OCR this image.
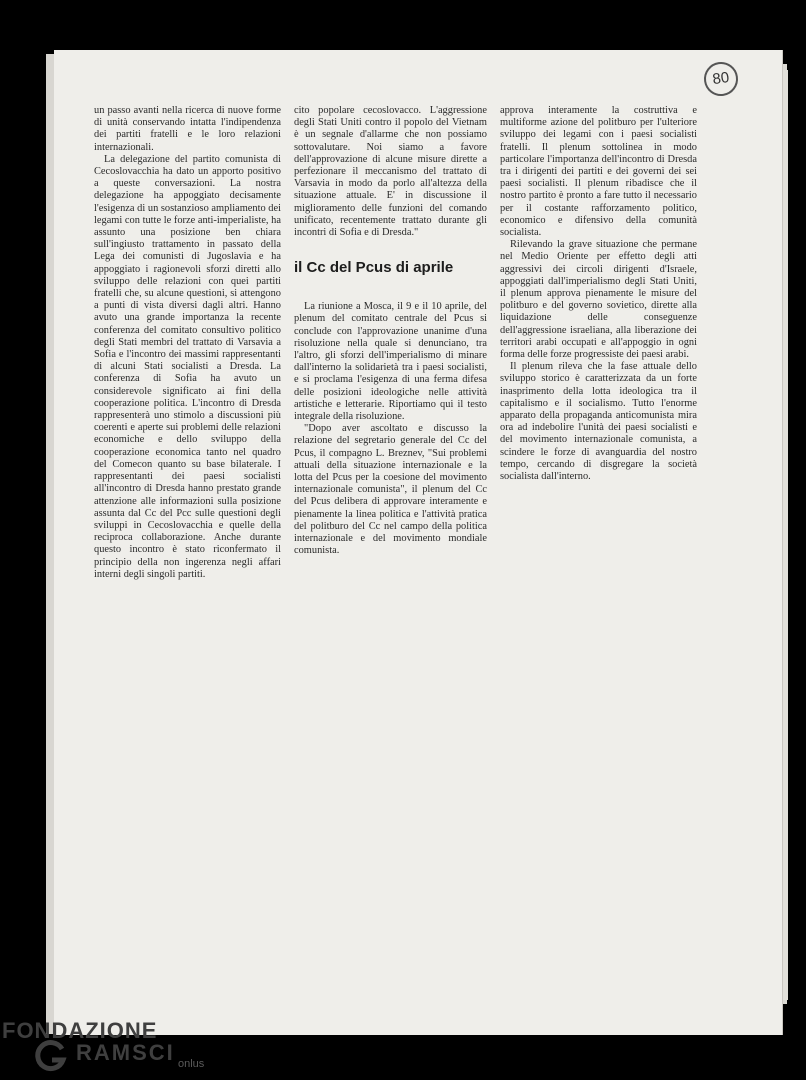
80

un passo avanti nella ricerca di nuove forme di unità conservando intatta l'indipendenza dei partiti fratelli e le loro relazioni internazionali.

La delegazione del partito comunista di Cecoslovacchia ha dato un apporto positivo a queste conversazioni. La nostra delegazione ha appoggiato decisamente l'esigenza di un sostanzioso ampliamento dei legami con tutte le forze anti-imperialiste, ha assunto una posizione ben chiara sull'ingiusto trattamento in passato della Lega dei comunisti di Jugoslavia e ha appoggiato i ragionevoli sforzi diretti allo sviluppo delle relazioni con quei partiti fratelli che, su alcune questioni, si attengono a punti di vista diversi dagli altri. Hanno avuto una grande importanza la recente conferenza del comitato consultivo politico degli Stati membri del trattato di Varsavia a Sofia e l'incontro dei massimi rappresentanti di alcuni Stati socialisti a Dresda. La conferenza di Sofia ha avuto un considerevole significato ai fini della cooperazione politica. L'incontro di Dresda rappresenterà uno stimolo a discussioni più coerenti e aperte sui problemi delle relazioni economiche e dello sviluppo della cooperazione economica tanto nel quadro del Comecon quanto su base bilaterale. I rappresentanti dei paesi socialisti all'incontro di Dresda hanno prestato grande attenzione alle informazioni sulla posizione assunta dal Cc del Pcc sulle questioni degli sviluppi in Cecoslovacchia e quelle della reciproca collaborazione. Anche durante questo incontro è stato riconfermato il principio della non ingerenza negli affari interni degli singoli partiti.

cito popolare cecoslovacco. L'aggressione degli Stati Uniti contro il popolo del Vietnam è un segnale d'allarme che non possiamo sottovalutare. Noi siamo a favore dell'approvazione di alcune misure dirette a perfezionare il meccanismo del trattato di Varsavia in modo da porlo all'altezza della situazione attuale. E' in discussione il miglioramento delle funzioni del comando unificato, recentemente trattato durante gli incontri di Sofia e di Dresda."

il Cc del Pcus di aprile

La riunione a Mosca, il 9 e il 10 aprile, del plenum del comitato centrale del Pcus si conclude con l'approvazione unanime d'una risoluzione nella quale si denunciano, tra l'altro, gli sforzi dell'imperialismo di minare dall'interno la solidarietà tra i paesi socialisti, e si proclama l'esigenza di una ferma difesa delle posizioni ideologiche nelle attività artistiche e letterarie. Riportiamo qui il testo integrale della risoluzione.

"Dopo aver ascoltato e discusso la relazione del segretario generale del Cc del Pcus, il compagno L. Breznev, "Sui problemi attuali della situazione internazionale e la lotta del Pcus per la coesione del movimento internazionale comunista", il plenum del Cc del Pcus delibera di approvare interamente e pienamente la linea politica e l'attività pratica del politburo del Cc nel campo della politica internazionale e del movimento mondiale comunista.

approva interamente la costruttiva e multiforme azione del politburo per l'ulteriore sviluppo dei legami con i paesi socialisti fratelli. Il plenum sottolinea in modo particolare l'importanza dell'incontro di Dresda tra i dirigenti dei partiti e dei governi dei sei paesi socialisti. Il plenum ribadisce che il nostro partito è pronto a fare tutto il necessario per il costante rafforzamento politico, economico e difensivo della comunità socialista.

Rilevando la grave situazione che permane nel Medio Oriente per effetto degli atti aggressivi dei circoli dirigenti d'Israele, appoggiati dall'imperialismo degli Stati Uniti, il plenum approva pienamente le misure del politburo e del governo sovietico, dirette alla liquidazione delle conseguenze dell'aggressione israeliana, alla liberazione dei territori arabi occupati e all'appoggio in ogni forma delle forze progressiste dei paesi arabi.

Il plenum rileva che la fase attuale dello sviluppo storico è caratterizzata da un forte inasprimento della lotta ideologica tra il capitalismo e il socialismo. Tutto l'enorme apparato della propaganda anticomunista mira ora ad indebolire l'unità dei paesi socialisti e del movimento internazionale comunista, a scindere le forze di avanguardia del nostro tempo, cercando di disgregare la società socialista dall'interno.

FONDAZIONE
RAMSCI onlus
